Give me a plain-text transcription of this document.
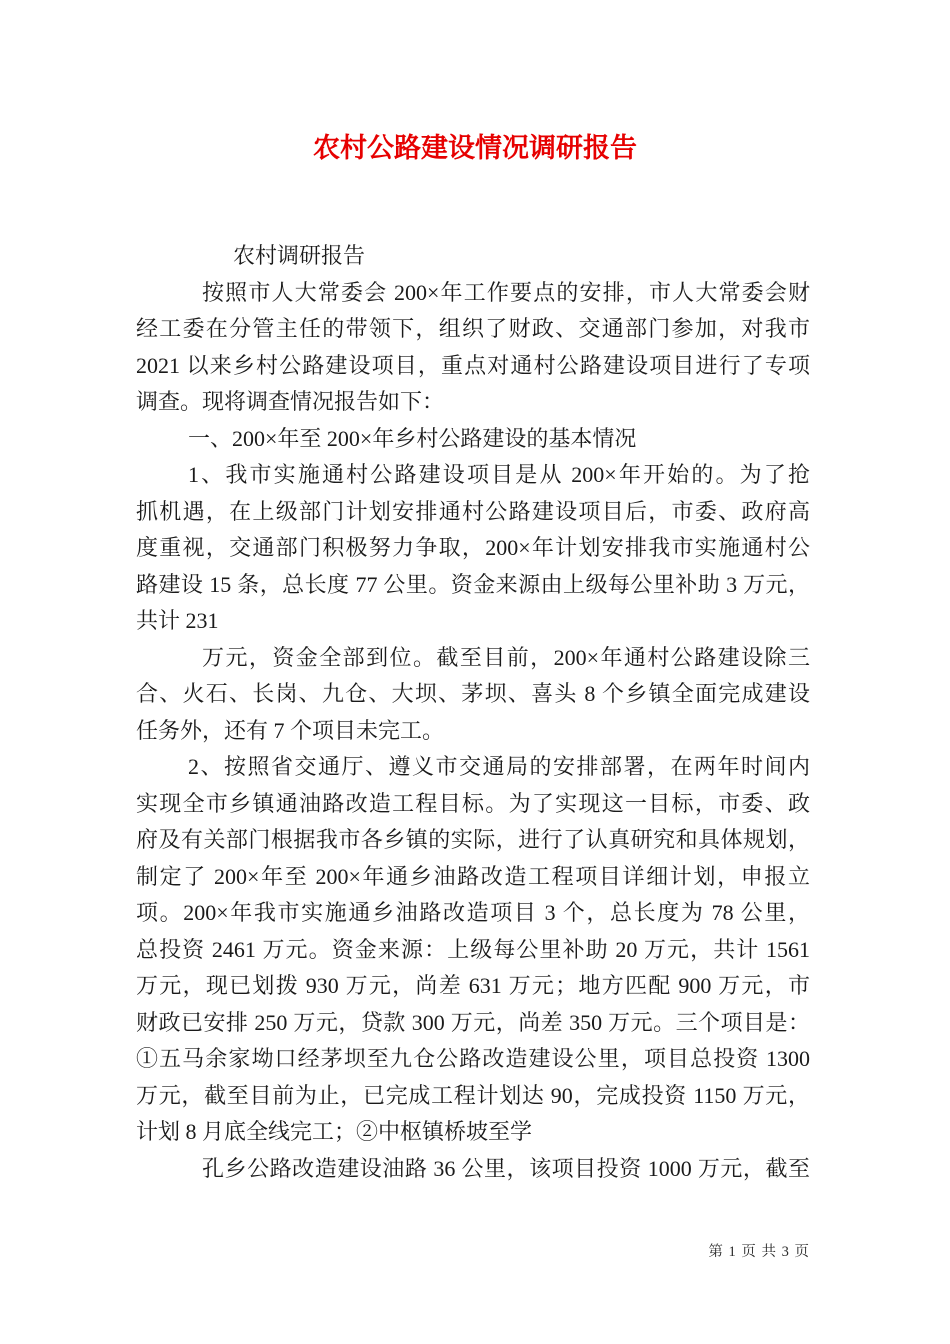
农村公路建设情况调研报告
农村调研报告
按照市人大常委会 200×年工作要点的安排，市人大常委会财
经工委在分管主任的带领下，组织了财政、交通部门参加，对我市
2021 以来乡村公路建设项目，重点对通村公路建设项目进行了专项
调查。现将调查情况报告如下：
一、200×年至 200×年乡村公路建设的基本情况
1、我市实施通村公路建设项目是从 200×年开始的。为了抢
抓机遇，在上级部门计划安排通村公路建设项目后，市委、政府高
度重视，交通部门积极努力争取，200×年计划安排我市实施通村公
路建设 15 条，总长度 77 公里。资金来源由上级每公里补助 3 万元，
共计 231
万元，资金全部到位。截至目前，200×年通村公路建设除三
合、火石、长岗、九仓、大坝、茅坝、喜头 8 个乡镇全面完成建设
任务外，还有 7 个项目未完工。
2、按照省交通厅、遵义市交通局的安排部署，在两年时间内
实现全市乡镇通油路改造工程目标。为了实现这一目标，市委、政
府及有关部门根据我市各乡镇的实际，进行了认真研究和具体规划，
制定了 200×年至 200×年通乡油路改造工程项目详细计划，申报立
项。200×年我市实施通乡油路改造项目 3 个，总长度为 78 公里，
总投资 2461 万元。资金来源：上级每公里补助 20 万元，共计 1561
万元，现已划拨 930 万元，尚差 631 万元；地方匹配 900 万元，市
财政已安排 250 万元，贷款 300 万元，尚差 350 万元。三个项目是：
①五马余家坳口经茅坝至九仓公路改造建设公里，项目总投资 1300
万元，截至目前为止，已完成工程计划达 90，完成投资 1150 万元，
计划 8 月底全线完工；②中枢镇桥坡至学
孔乡公路改造建设油路 36 公里，该项目投资 1000 万元，截至
第 1 页 共 3 页
